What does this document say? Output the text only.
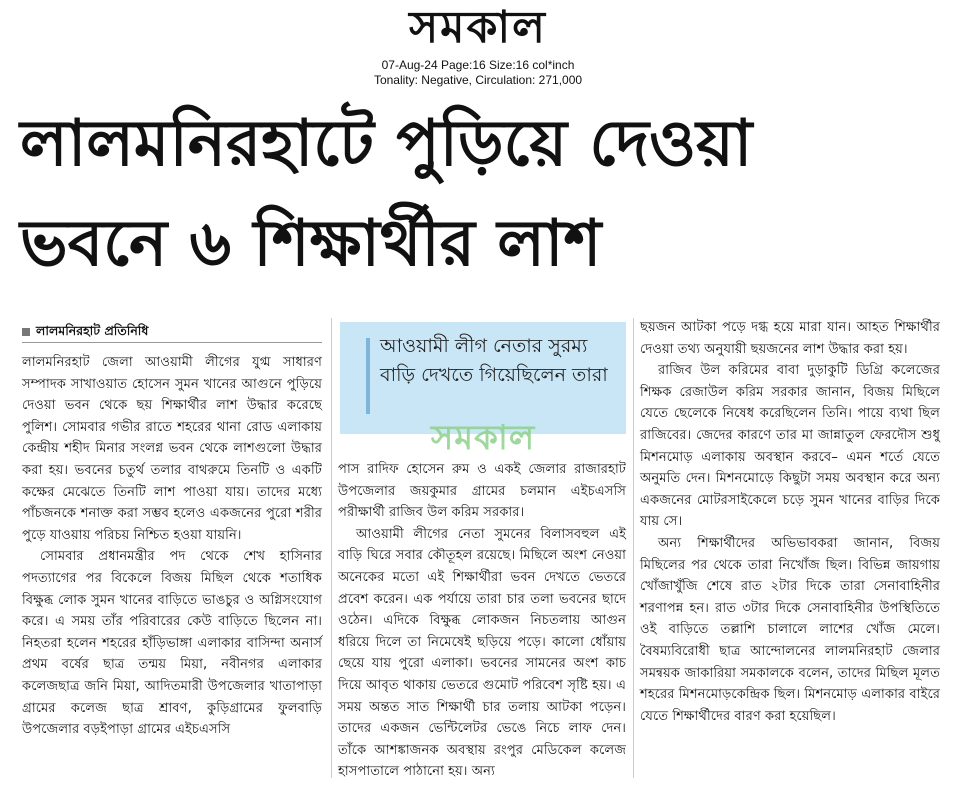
সমকাল
07-Aug-24 Page:16 Size:16 col*inch
Tonality: Negative, Circulation: 271,000
লালমনিরহাটে পুড়িয়ে দেওয়া
ভবনে ৬ শিক্ষার্থীর লাশ
লালমনিরহাট প্রতিনিধি

লালমনিরহাট জেলা আওয়ামী লীগের যুগ্ম সাধারণ সম্পাদক সাখাওয়াত হোসেন সুমন খানের আগুনে পুড়িয়ে দেওয়া ভবন থেকে ছয় শিক্ষার্থীর লাশ উদ্ধার করেছে পুলিশ। সোমবার গভীর রাতে শহরের থানা রোড এলাকায় কেন্দ্রীয় শহীদ মিনার সংলগ্ন ভবন থেকে লাশগুলো উদ্ধার করা হয়। ভবনের চতুর্থ তলার বাথরুমে তিনটি ও একটি কক্ষের মেঝেতে তিনটি লাশ পাওয়া যায়। তাদের মধ্যে পাঁচজনকে শনাক্ত করা সম্ভব হলেও একজনের পুরো শরীর পুড়ে যাওয়ায় পরিচয় নিশ্চিত হওয়া যায়নি।

সোমবার প্রধানমন্ত্রীর পদ থেকে শেখ হাসিনার পদত্যাগের পর বিকেলে বিজয় মিছিল থেকে শতাধিক বিক্ষুব্ধ লোক সুমন খানের বাড়িতে ভাঙচুর ও অগ্নিসংযোগ করে। এ সময় তাঁর পরিবারের কেউ বাড়িতে ছিলেন না। নিহতরা হলেন শহরের হাঁড়িভাঙ্গা এলাকার বাসিন্দা অনার্স প্রথম বর্ষের ছাত্র তন্ময় মিয়া, নবীনগর এলাকার কলেজছাত্র জনি মিয়া, আদিতমারী উপজেলার খাতাপাড়া গ্রামের কলেজ ছাত্র শ্রাবণ, কুড়িগ্রামের ফুলবাড়ি উপজেলার বড়ইপাড়া গ্রামের এইচএসসি

আওয়ামী লীগ নেতার সুরম্য বাড়ি দেখতে গিয়েছিলেন তারা
সমকাল

পাস রাদিফ হোসেন রুম ও একই জেলার রাজারহাট উপজেলার জয়কুমার গ্রামের চলমান এইচএসসি পরীক্ষার্থী রাজিব উল করিম সরকার।

আওয়ামী লীগের নেতা সুমনের বিলাসবহুল এই বাড়ি ঘিরে সবার কৌতূহল রয়েছে। মিছিলে অংশ নেওয়া অনেকের মতো এই শিক্ষার্থীরা ভবন দেখতে ভেতরে প্রবেশ করেন। এক পর্যায়ে তারা চার তলা ভবনের ছাদে ওঠেন। এদিকে বিক্ষুব্ধ লোকজন নিচতলায় আগুন ধরিয়ে দিলে তা নিমেষেই ছড়িয়ে পড়ে। কালো ধোঁয়ায় ছেয়ে যায় পুরো এলাকা। ভবনের সামনের অংশ কাচ দিয়ে আবৃত থাকায় ভেতরে গুমোট পরিবেশ সৃষ্টি হয়। এ সময় অন্তত সাত শিক্ষার্থী চার তলায় আটকা পড়েন। তাদের একজন ভেন্টিলেটর ভেঙে নিচে লাফ দেন। তাঁকে আশঙ্কাজনক অবস্থায় রংপুর মেডিকেল কলেজ হাসপাতালে পাঠানো হয়। অন্য

ছয়জন আটকা পড়ে দগ্ধ হয়ে মারা যান। আহত শিক্ষার্থীর দেওয়া তথ্য অনুযায়ী ছয়জনের লাশ উদ্ধার করা হয়।

রাজিব উল করিমের বাবা দুড়াকুটি ডিগ্রি কলেজের শিক্ষক রেজাউল করিম সরকার জানান, বিজয় মিছিলে যেতে ছেলেকে নিষেধ করেছিলেন তিনি। পায়ে ব্যথা ছিল রাজিবের। জেদের কারণে তার মা জান্নাতুল ফেরদৌস শুধু মিশনমোড় এলাকায় অবস্থান করবে– এমন শর্তে যেতে অনুমতি দেন। মিশনমোড়ে কিছুটা সময় অবস্থান করে অন্য একজনের মোটরসাইকেলে চড়ে সুমন খানের বাড়ির দিকে যায় সে।

অন্য শিক্ষার্থীদের অভিভাবকরা জানান, বিজয় মিছিলের পর থেকে তারা নিখোঁজ ছিল। বিভিন্ন জায়গায় খোঁজাখুঁজি শেষে রাত ২টার দিকে তারা সেনাবাহিনীর শরণাপন্ন হন। রাত ৩টার দিকে সেনাবাহিনীর উপস্থিতিতে ওই বাড়িতে তল্লাশি চালালে লাশের খোঁজ মেলে। বৈষম্যবিরোধী ছাত্র আন্দোলনের লালমনিরহাট জেলার সমন্বয়ক জাকারিয়া সমকালকে বলেন, তাদের মিছিল মূলত শহরের মিশনমোড়কেন্দ্রিক ছিল। মিশনমোড় এলাকার বাইরে যেতে শিক্ষার্থীদের বারণ করা হয়েছিল।
